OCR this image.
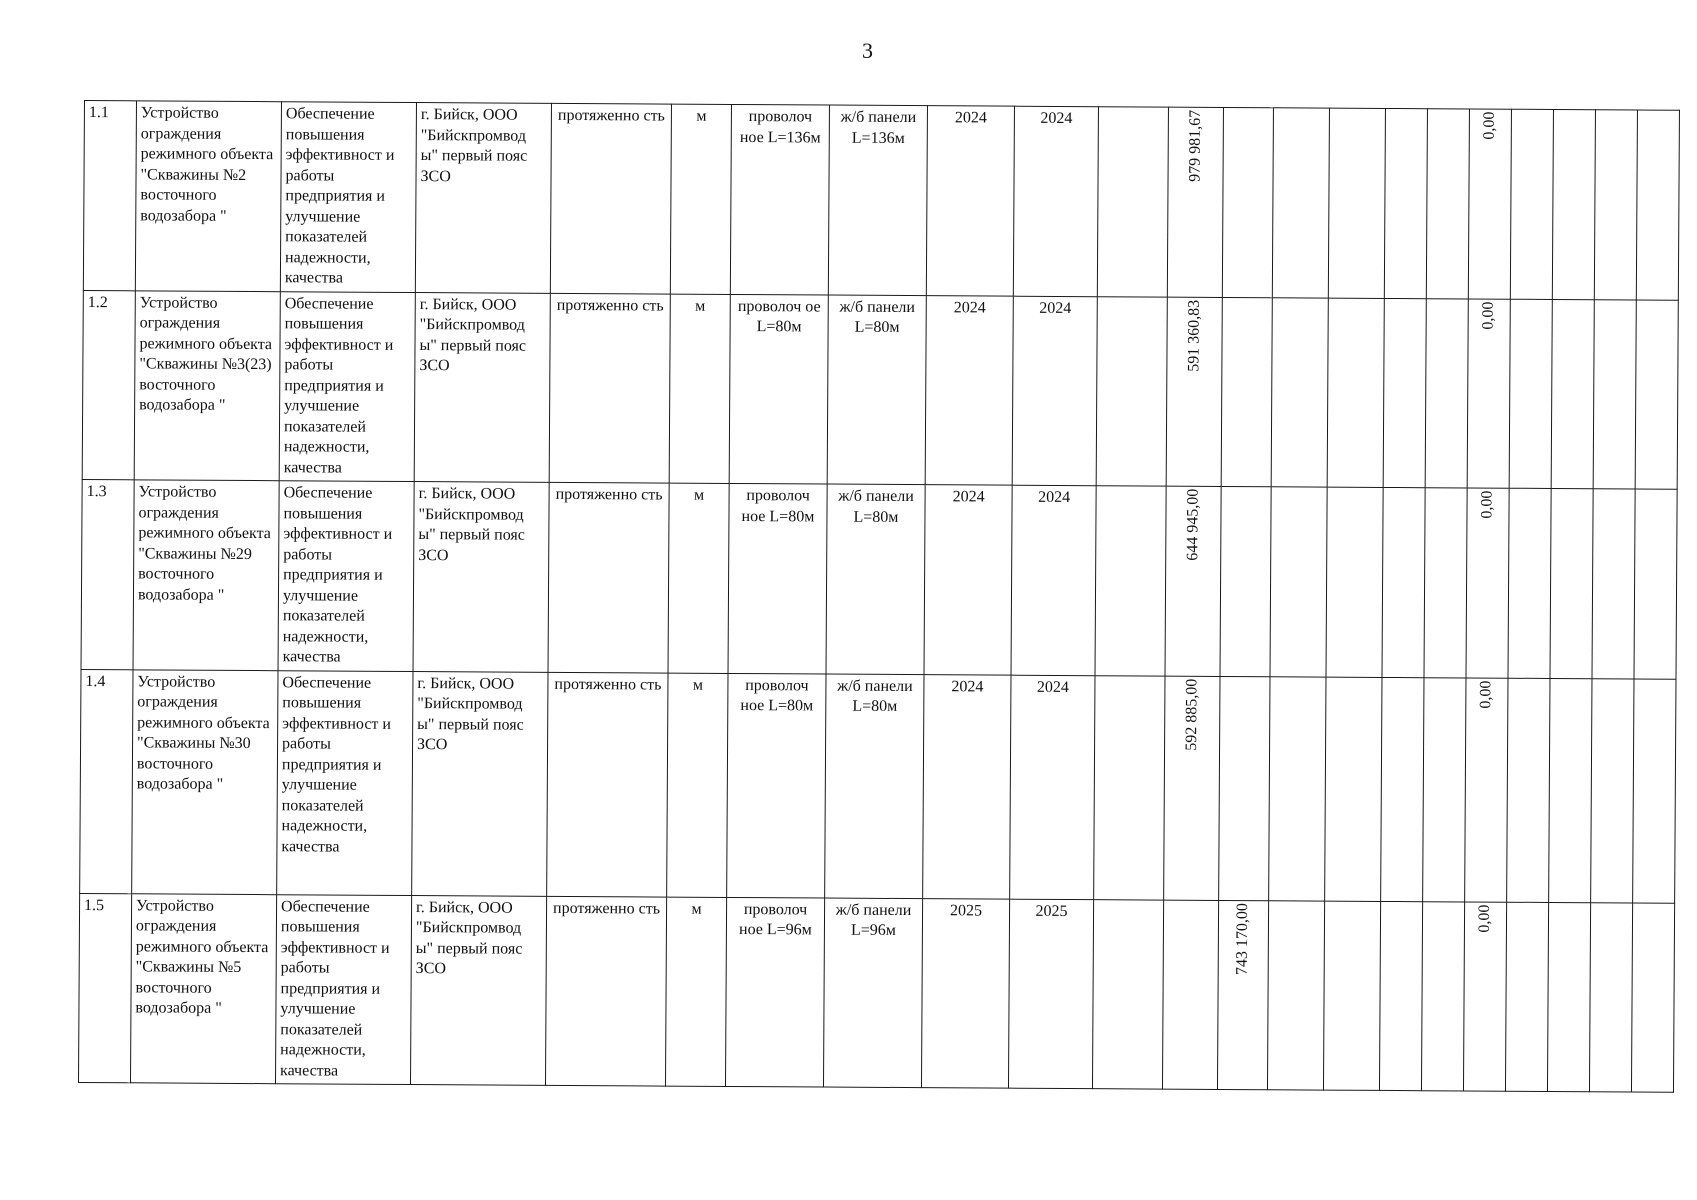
3
1.1	Устройство ограждения режимного объекта "Скважины №2 восточного водозабора "	Обеспечение повышения эффективност и работы предприятия и улучшение показателей надежности, качества	г. Бийск, ООО "Бийскпромвод ы" первый пояс ЗСО	протяженно сть	м	проволоч ное L=136м	ж/б панели L=136м	2024	2024		979 981,67						0,00				
1.2	Устройство ограждения режимного объекта "Скважины №3(23) восточного водозабора "	Обеспечение повышения эффективност и работы предприятия и улучшение показателей надежности, качества	г. Бийск, ООО "Бийскпромвод ы" первый пояс ЗСО	протяженно сть	м	проволоч ое L=80м	ж/б панели L=80м	2024	2024		591 360,83						0,00				
1.3	Устройство ограждения режимного объекта "Скважины №29 восточного водозабора "	Обеспечение повышения эффективност и работы предприятия и улучшение показателей надежности, качества	г. Бийск, ООО "Бийскпромвод ы" первый пояс ЗСО	протяженно сть	м	проволоч ное L=80м	ж/б панели L=80м	2024	2024		644 945,00						0,00				
1.4	Устройство ограждения режимного объекта "Скважины №30 восточного водозабора "	Обеспечение повышения эффективност и работы предприятия и улучшение показателей надежности, качества	г. Бийск, ООО "Бийскпромвод ы" первый пояс ЗСО	протяженно сть	м	проволоч ное L=80м	ж/б панели L=80м	2024	2024		592 885,00						0,00				
1.5	Устройство ограждения режимного объекта "Скважины №5 восточного водозабора "	Обеспечение повышения эффективност и работы предприятия и улучшение показателей надежности, качества	г. Бийск, ООО "Бийскпромвод ы" первый пояс ЗСО	протяженно сть	м	проволоч ное L=96м	ж/б панели L=96м	2025	2025			743 170,00					0,00				
